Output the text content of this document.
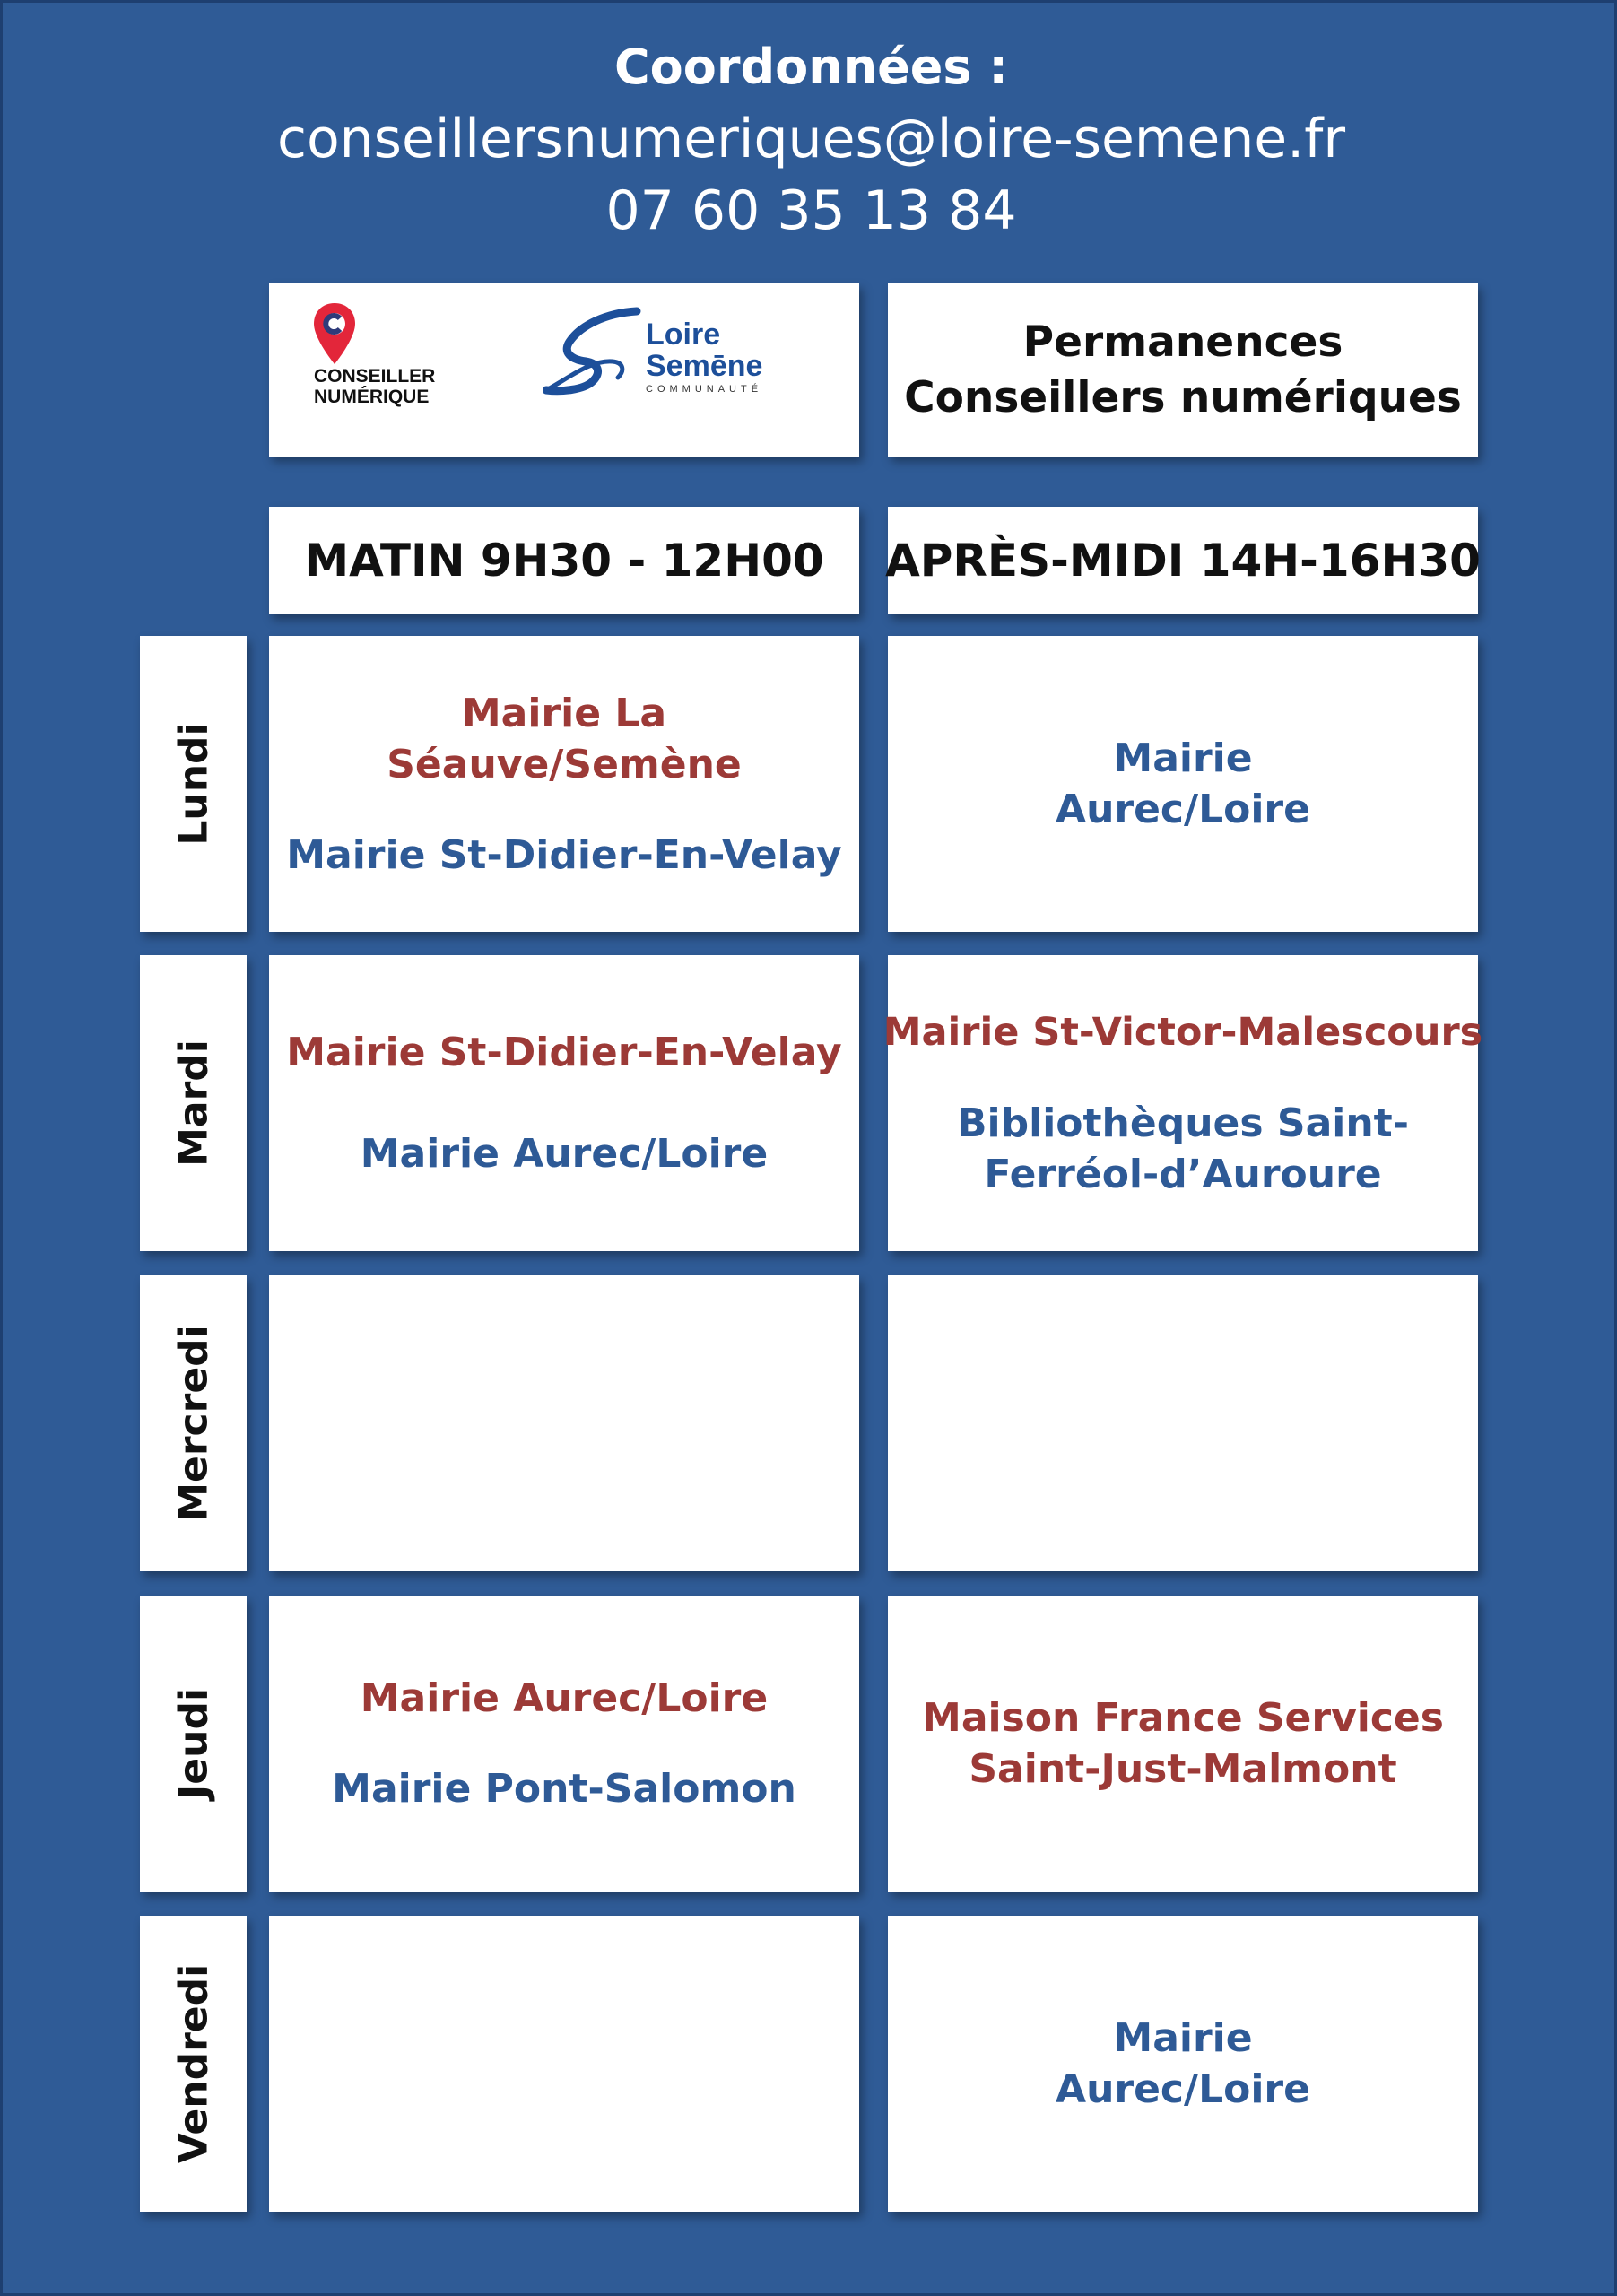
Coordonnées :
conseillersnumeriques@loire-semene.fr
07 60 35 13 84
CONSEILLER
NUMÉRIQUE
Loire
Semēne
COMMUNAUTÉ
Permanences
Conseillers numériques
MATIN 9H30 - 12H00	APRÈS-MIDI 14H-16H30
Lundi
Mardi
Mercredi
Jeudi
Vendredi
Mairie La
Séauve/Semène
Mairie St-Didier-En-Velay
Mairie
Aurec/Loire
Mairie St-Didier-En-Velay
Mairie Aurec/Loire
Mairie St-Victor-Malescours
Bibliothèques Saint-
Ferréol-d’Auroure
Mairie Aurec/Loire
Mairie Pont-Salomon
Maison France Services
Saint-Just-Malmont
Mairie
Aurec/Loire
